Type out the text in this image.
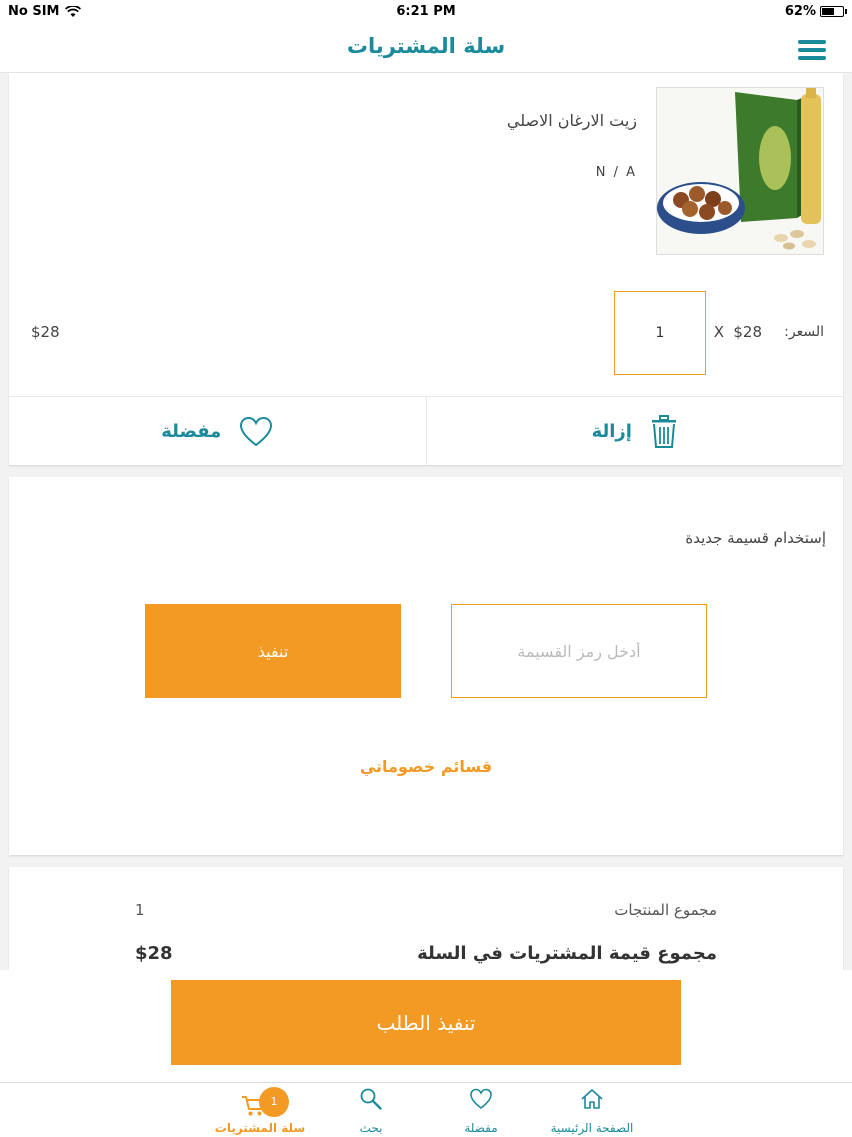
No SIM	6:21 PM	62%
سلة المشتريات
زيت الارغان الاصلي
N / A
السعر:
$28
X
1
$28
مفضلة	إزالة
إستخدام قسيمة جديدة
أدخل رمز القسيمة
تنفيذ
قسائم خصوماتي
مجموع المنتجات
1
مجموع قيمة المشتريات في السلة
$28
تنفيذ الطلب
1
سلة المشتريات	بحث	مفضلة	الصفحة الرئيسية
